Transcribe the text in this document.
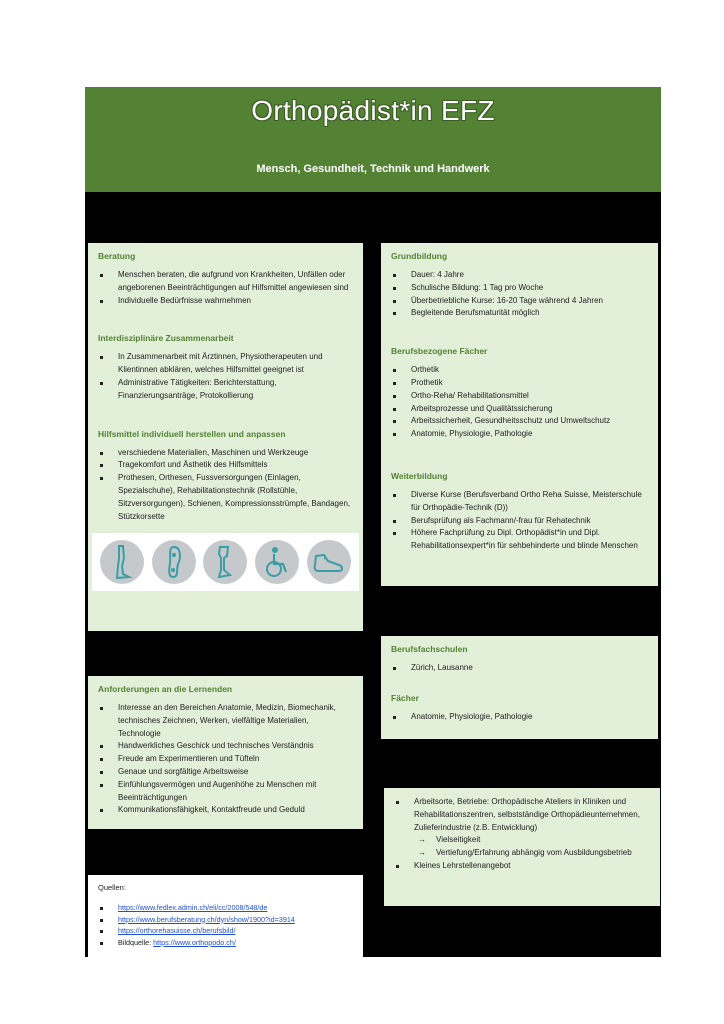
Orthopädist*in EFZ
Mensch, Gesundheit, Technik und Handwerk
Beratung
Menschen beraten, die aufgrund von Krankheiten, Unfällen oder angeborenen Beeinträchtigungen auf Hilfsmittel angewiesen sind
Individuelle Bedürfnisse wahrnehmen
Interdisziplinäre Zusammenarbeit
In Zusammenarbeit mit Ärztinnen, Physiotherapeuten und Klientinnen abklären, welches Hilfsmittel geeignet ist
Administrative Tätigkeiten: Berichterstattung, Finanzierungsanträge, Protokollierung
Hilfsmittel individuell herstellen und anpassen
verschiedene Materialien, Maschinen und Werkzeuge
Tragekomfort und Ästhetik des Hilfsmittels
Prothesen, Orthesen, Fussversorgungen (Einlagen, Spezialschuhe), Rehabilitationstechnik (Rollstühle, Sitzversorgungen), Schienen, Kompressionsstrümpfe, Bandagen, Stützkorsette
Grundbildung
Dauer: 4 Jahre
Schulische Bildung: 1 Tag pro Woche
Überbetriebliche Kurse: 16-20 Tage während 4 Jahren
Begleitende Berufsmaturität möglich
Berufsbezogene Fächer
Orthetik
Prothetik
Ortho-Reha/ Rehabilitationsmittel
Arbeitsprozesse und Qualitätssicherung
Arbeitssicherheit, Gesundheitsschutz und Umweltschutz
Anatomie, Physiologie, Pathologie
Weiterbildung
Diverse Kurse (Berufsverband Ortho Reha Suisse, Meisterschule für Orthopädie-Technik (D))
Berufsprüfung als Fachmann/-frau für Rehatechnik
Höhere Fachprüfung zu Dipl. Orthopädist*in und Dipl. Rehabilitationsexpert*in für sehbehinderte und blinde Menschen
Berufsfachschulen
Zürich, Lausanne
Fächer
Anatomie, Physiologie, Pathologie
Anforderungen an die Lernenden
Interesse an den Bereichen Anatomie, Medizin, Biomechanik, technisches Zeichnen, Werken, vielfältige Materialien, Technologie
Handwerkliches Geschick und technisches Verständnis
Freude am Experimentieren und Tüfteln
Genaue und sorgfältige Arbeitsweise
Einfühlungsvermögen und Augenhöhe zu Menschen mit Beeinträchtigungen
Kommunikationsfähigkeit, Kontaktfreude und Geduld
Arbeitsorte, Betriebe: Orthopädische Ateliers in Kliniken und Rehabilitationszentren, selbstständige Orthopädieunternehmen, Zulieferindustrie (z.B. Entwicklung)
→ Vielseitigkeit
→ Vertiefung/Erfahrung abhängig vom Ausbildungsbetrieb
Kleines Lehrstellenangebot
Quellen:
https://www.fedlex.admin.ch/eli/cc/2008/548/de
https://www.berufsberatung.ch/dyn/show/1900?id=3914
https://orthorehasuisse.ch/berufsbild/
Bildquelle: https://www.orthopodo.ch/
